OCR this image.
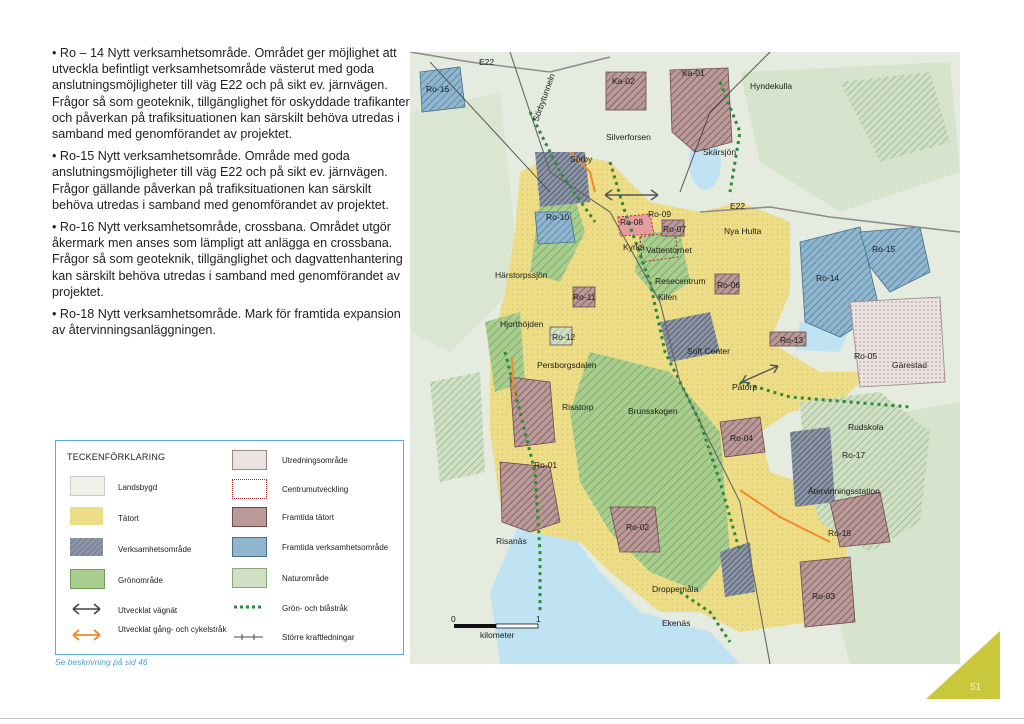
• Ro – 14 Nytt verksamhetsområde. Området ger möjlighet att utveckla befintligt verksamhetsområde västerut med goda anslutningsmöjligheter till väg E22 och på sikt ev. järnvägen. Frågor så som geoteknik, tillgänglighet för oskyddade trafikanter och påverkan på trafiksituationen kan särskilt behöva utredas i samband med genomförandet av projektet.

• Ro-15 Nytt verksamhetsområde. Område med goda anslutningsmöjligheter till väg E22 och på sikt ev. järnvägen. Frågor gällande påverkan på trafiksituationen kan särskilt behöva utredas i samband med genomförandet av projektet.

• Ro-16 Nytt verksamhetsområde, crossbana. Området utgör åkermark men anses som lämpligt att anlägga en crossbana. Frågor så som geoteknik, tillgänglighet och dagvattenhantering kan särskilt behöva utredas i samband med genomförandet av projektet.

• Ro-18 Nytt verksamhetsområde. Mark för framtida expansion av återvinningsanläggningen.

E22
E22
Hyndekulla
Skärsjön
Silverforsen
Sörby
Nya Hulta
Kyrka Vattentornet
Härstorpssjön
Resecentrum
Kilen
Hjorthöjden
Soft Center
Persborgsdalen
Påtorp
Gärestad
Risatorp	Brunsskogen
Rudskola
Återvinningsstation
Risanäs
Droppemåla
Ekenäs
Sörbytunneln
Ro-16
Ka-02
Ka-01
Ro-10	Ro-08
Ro-09
Ro-07
Ro-15
Ro-14
Ro-11
Ro-06
Ro-12	Ro-13
Ro-05
Ro-04
Ro-17
Ro-01
Ro-02
Ro-18
Ro-03
0	1
kilometer
TECKENFÖRKLARING
Landsbygd
Tätort
Verksamhetsområde
Grönområde
Utvecklat vägnät
Utvecklat gång- och cykelstråk
Utredningsområde
Centrumutveckling
Framtida tätort
Framtida verksamhetsområde
Naturområde
Grön- och blåstråk
Större kraftledningar
Se beskrivning på sid 46
51
